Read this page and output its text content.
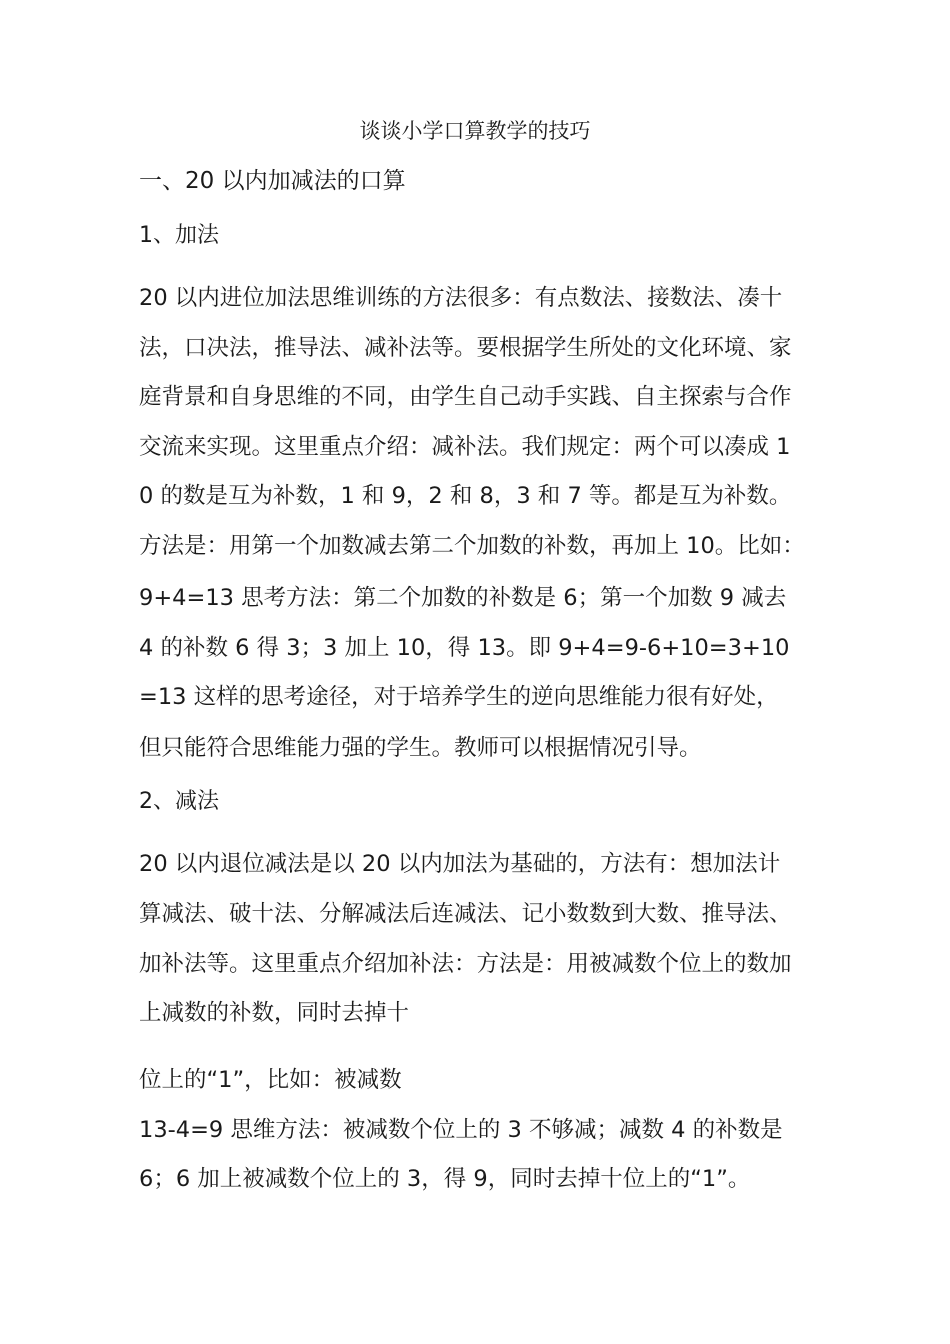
谈谈小学口算教学的技巧
一、20 以内加减法的口算
1、加法
20 以内进位加法思维训练的方法很多：有点数法、接数法、凑十
法，口决法，推导法、减补法等。要根据学生所处的文化环境、家
庭背景和自身思维的不同，由学生自己动手实践、自主探索与合作
交流来实现。这里重点介绍：减补法。我们规定：两个可以凑成 1
0 的数是互为补数，1 和 9，2 和 8，3 和 7 等。都是互为补数。
方法是：用第一个加数减去第二个加数的补数，再加上 10。比如：
9+4=13 思考方法：第二个加数的补数是 6；第一个加数 9 减去
4 的补数 6 得 3；3 加上 10，得 13。即 9+4=9-6+10=3+10
=13 这样的思考途径，对于培养学生的逆向思维能力很有好处，
但只能符合思维能力强的学生。教师可以根据情况引导。
2、减法
20 以内退位减法是以 20 以内加法为基础的，方法有：想加法计
算减法、破十法、分解减法后连减法、记小数数到大数、推导法、
加补法等。这里重点介绍加补法：方法是：用被减数个位上的数加
上减数的补数，同时去掉十
位上的“1”，比如：被减数
13-4=9 思维方法：被减数个位上的 3 不够减；减数 4 的补数是
6；6 加上被减数个位上的 3，得 9，同时去掉十位上的“1”。
